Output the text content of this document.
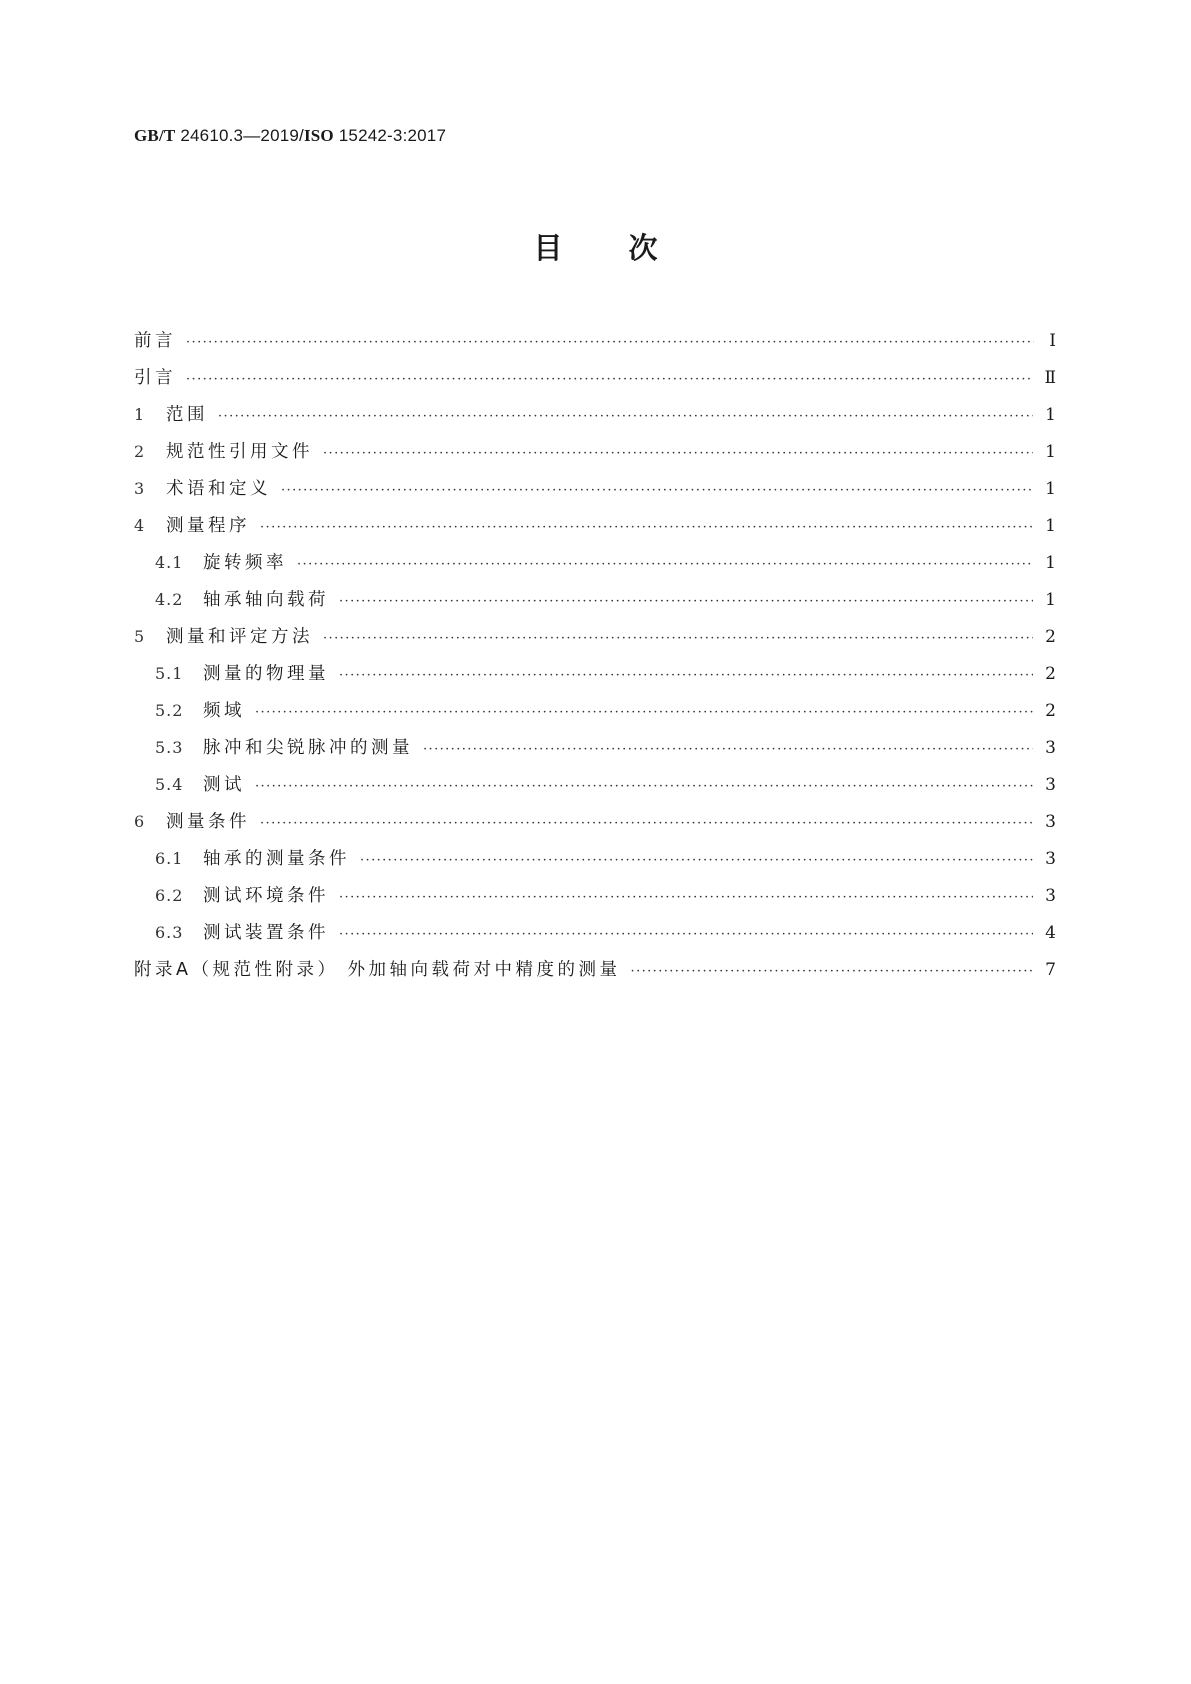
GB/T 24610.3—2019/ISO 15242-3:2017
目次
前言 ·····	Ⅰ
引言 ·····	Ⅱ
1	范围 ·····	1
2	规范性引用文件 ·····	1
3	术语和定义 ·····	1
4	测量程序 ·····	1
4.1	旋转频率 ·····	1
4.2	轴承轴向载荷 ·····	1
5	测量和评定方法 ·····	2
5.1	测量的物理量 ·····	2
5.2	频域 ·····	2
5.3	脉冲和尖锐脉冲的测量 ·····	3
5.4	测试 ·····	3
6	测量条件 ·····	3
6.1	轴承的测量条件 ·····	3
6.2	测试环境条件 ·····	3
6.3	测试装置条件 ·····	4
附录A（规范性附录） 外加轴向载荷对中精度的测量 ·····	7
